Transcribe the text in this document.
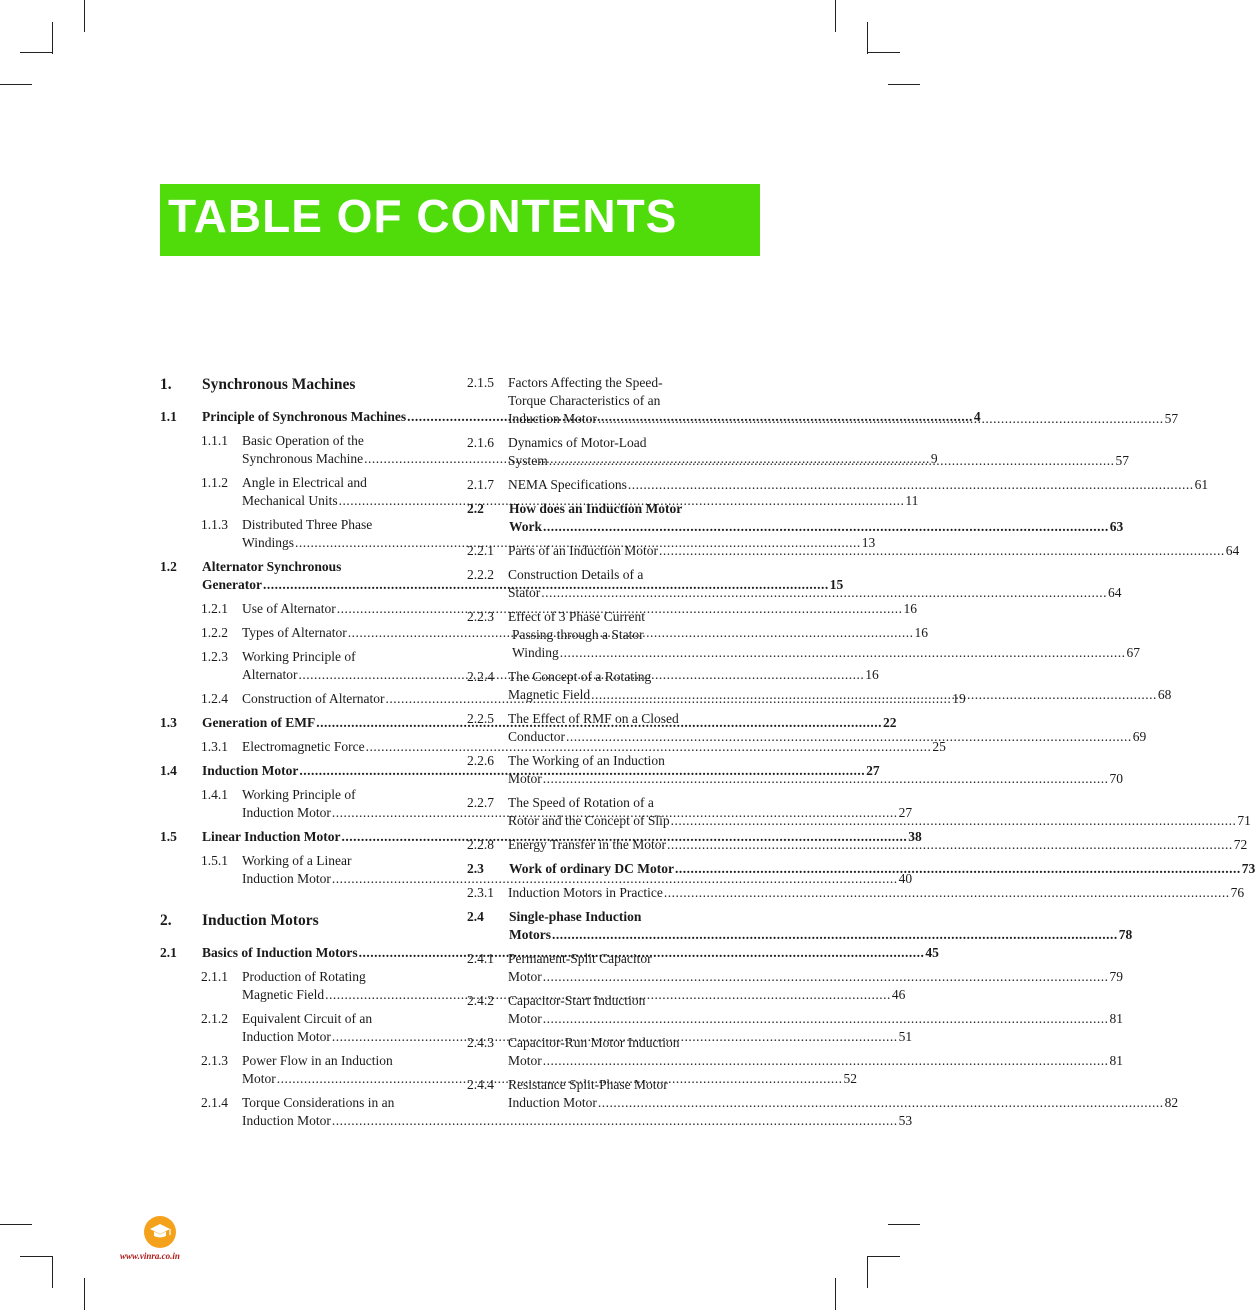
TABLE OF CONTENTS
1.	Synchronous Machines
1.1	Principle of Synchronous Machines .....	4
1.1.1	Basic Operation of the
Synchronous Machine .....	9
1.1.2	Angle in Electrical and
Mechanical Units .....	11
1.1.3	Distributed Three Phase
Windings .....	13
1.2	Alternator Synchronous
Generator .....	15
1.2.1	Use of Alternator .....	16
1.2.2	Types of Alternator .....	16
1.2.3	Working Principle of
Alternator .....	16
1.2.4	Construction of Alternator .....	19
1.3	Generation of EMF .....	22
1.3.1	Electromagnetic Force .....	25
1.4	Induction Motor .....	27
1.4.1	Working Principle of
Induction Motor .....	27
1.5	Linear Induction Motor .....	38
1.5.1	Working of a Linear
Induction Motor .....	40
2.	Induction Motors
2.1	Basics of Induction Motors .....	45
2.1.1	Production of Rotating
Magnetic Field .....	46
2.1.2	Equivalent Circuit of an
Induction Motor .....	51
2.1.3	Power Flow in an Induction
Motor .....	52
2.1.4	Torque Considerations in an
Induction Motor .....	53
2.1.5	Factors Affecting the Speed-
Torque Characteristics of an
Induction Motor .....	57
2.1.6	Dynamics of Motor-Load
System .....	57
2.1.7	NEMA Specifications .....	61
2.2	How does an Induction Motor
Work .....	63
2.2.1	Parts of an Induction Motor .....	64
2.2.2	Construction Details of a
Stator .....	64
2.2.3	Effect of 3 Phase Current
Passing through a Stator
Winding .....	67
2.2.4	The Concept of a Rotating
Magnetic Field .....	68
2.2.5	The Effect of RMF on a Closed
Conductor .....	69
2.2.6	The Working of an Induction
Motor .....	70
2.2.7	The Speed of Rotation of a
Rotor and the Concept of Slip .....	71
2.2.8	Energy Transfer in the Motor .....	72
2.3	Work of ordinary DC Motor .....	73
2.3.1	Induction Motors in Practice .....	76
2.4	Single-phase Induction
Motors .....	78
2.4.1	Permanent-Split Capacitor
Motor .....	79
2.4.2	Capacitor-Start Induction
Motor .....	81
2.4.3	Capacitor-Run Motor Induction
Motor .....	81
2.4.4	Resistance Split-Phase Motor
Induction Motor .....	82
www.vinra.co.in
